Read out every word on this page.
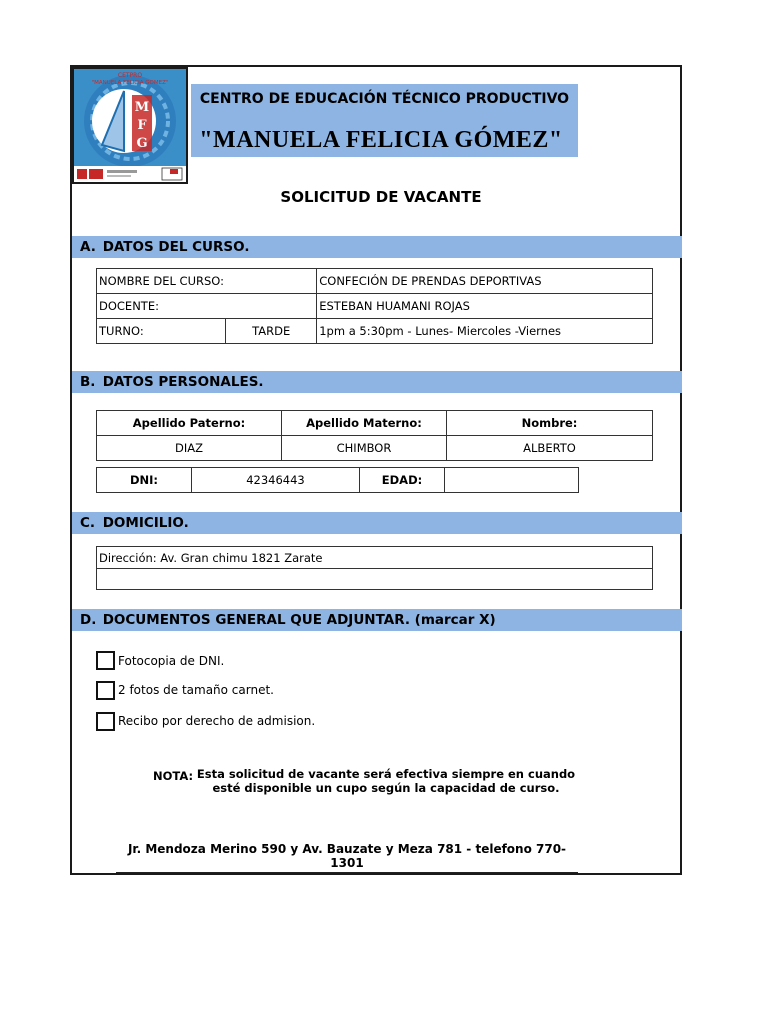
M
F
G
CETPRO
"MANUELA FELICIA GOMEZ"
CENTRO DE EDUCACIÓN TÉCNICO PRODUCTIVO
"MANUELA FELICIA GÓMEZ"
SOLICITUD DE VACANTE
A. DATOS DEL CURSO.
NOMBRE DEL CURSO:		CONFECIÓN DE PRENDAS DEPORTIVAS
DOCENTE:		ESTEBAN HUAMANI ROJAS
TURNO:	TARDE	1pm a 5:30pm - Lunes- Miercoles -Viernes
B. DATOS PERSONALES.
Apellido Paterno:	Apellido Materno:	Nombre:
DIAZ	CHIMBOR	ALBERTO
DNI:	42346443	EDAD:	
C. DOMICILIO.
Dirección: Av. Gran chimu 1821 Zarate

D. DOCUMENTOS GENERAL QUE ADJUNTAR. (marcar X)
Fotocopia de DNI.
2 fotos de tamaño carnet.
Recibo por derecho de admision.
NOTA: Esta solicitud de vacante será efectiva siempre en cuando esté disponible un cupo según la capacidad de curso.
Jr. Mendoza Merino 590 y Av. Bauzate y Meza 781 - telefono 770-1301
